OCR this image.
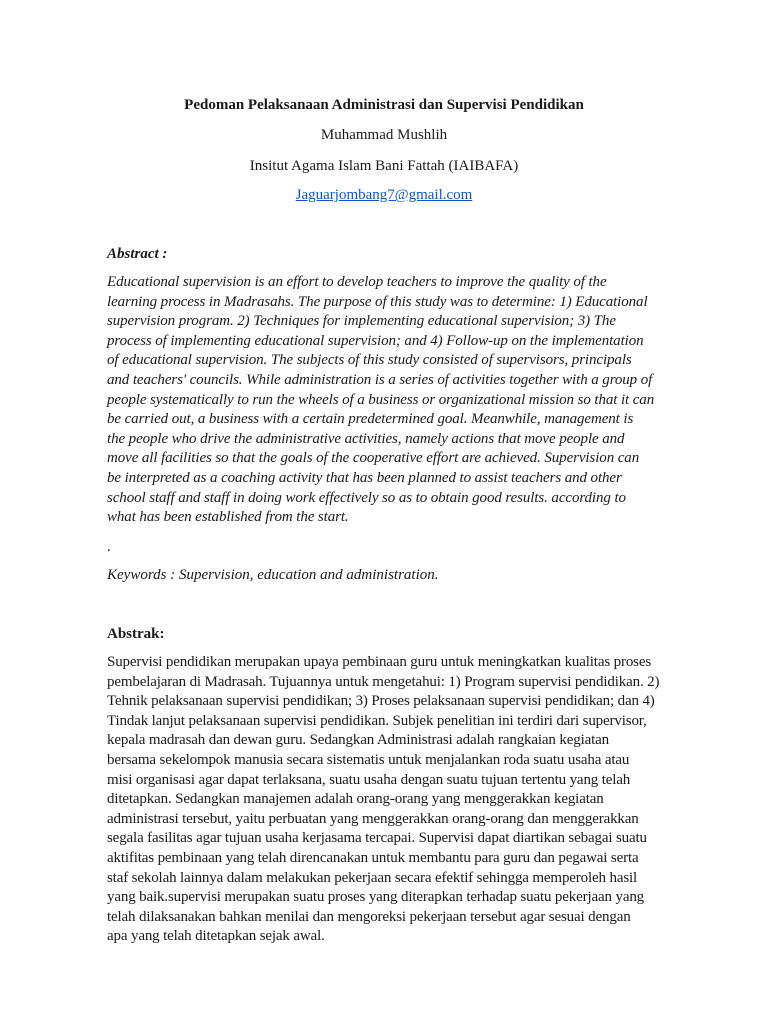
Pedoman Pelaksanaan Administrasi dan Supervisi Pendidikan
Muhammad Mushlih
Insitut Agama Islam Bani Fattah (IAIBAFA)
Jaguarjombang7@gmail.com
Abstract :
Educational supervision is an effort to develop teachers to improve the quality of the
learning process in Madrasahs. The purpose of this study was to determine: 1) Educational
supervision program. 2) Techniques for implementing educational supervision; 3) The
process of implementing educational supervision; and 4) Follow-up on the implementation
of educational supervision. The subjects of this study consisted of supervisors, principals
and teachers' councils. While administration is a series of activities together with a group of
people systematically to run the wheels of a business or organizational mission so that it can
be carried out, a business with a certain predetermined goal. Meanwhile, management is
the people who drive the administrative activities, namely actions that move people and
move all facilities so that the goals of the cooperative effort are achieved. Supervision can
be interpreted as a coaching activity that has been planned to assist teachers and other
school staff and staff in doing work effectively so as to obtain good results. according to
what has been established from the start.
.
Keywords : Supervision, education and administration.
Abstrak:
Supervisi pendidikan merupakan upaya pembinaan guru untuk meningkatkan kualitas proses
pembelajaran di Madrasah. Tujuannya untuk mengetahui: 1) Program supervisi pendidikan. 2)
Tehnik pelaksanaan supervisi pendidikan; 3) Proses pelaksanaan supervisi pendidikan; dan 4)
Tindak lanjut pelaksanaan supervisi pendidikan. Subjek penelitian ini terdiri dari supervisor,
kepala madrasah dan dewan guru. Sedangkan Administrasi adalah rangkaian kegiatan
bersama sekelompok manusia secara sistematis untuk menjalankan roda suatu usaha atau
misi organisasi agar dapat terlaksana, suatu usaha dengan suatu tujuan tertentu yang telah
ditetapkan. Sedangkan manajemen adalah orang-orang yang menggerakkan kegiatan
administrasi tersebut, yaitu perbuatan yang menggerakkan orang-orang dan menggerakkan
segala fasilitas agar tujuan usaha kerjasama tercapai. Supervisi dapat diartikan sebagai suatu
aktifitas pembinaan yang telah direncanakan untuk membantu para guru dan pegawai serta
staf sekolah lainnya dalam melakukan pekerjaan secara efektif sehingga memperoleh hasil
yang baik.supervisi merupakan suatu proses yang diterapkan terhadap suatu pekerjaan yang
telah dilaksanakan bahkan menilai dan mengoreksi pekerjaan tersebut agar sesuai dengan
apa yang telah ditetapkan sejak awal.
